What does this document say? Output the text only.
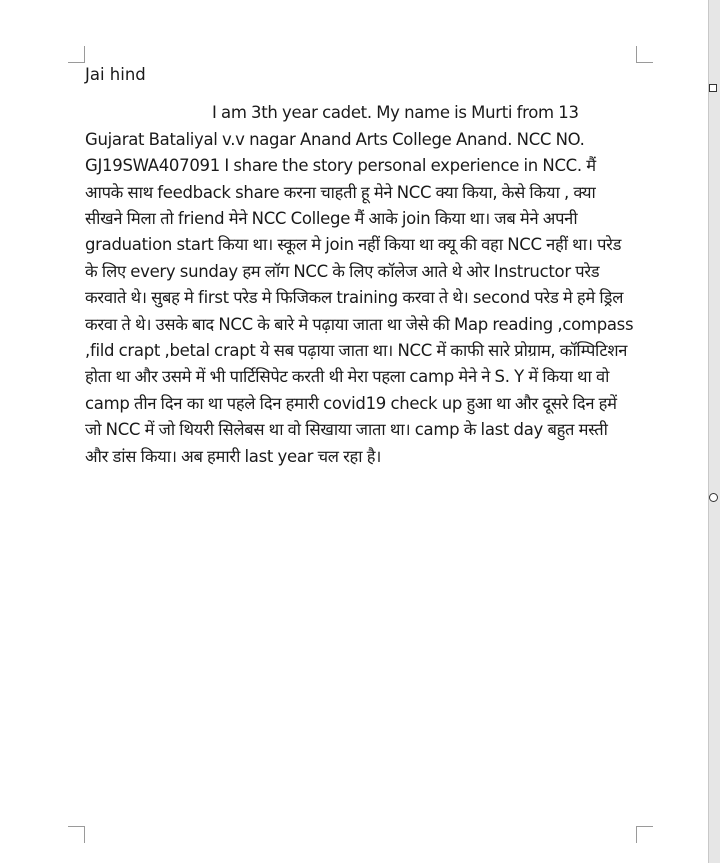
Jai hind

I am 3th year cadet. My name is Murti from 13 Gujarat Bataliyal v.v nagar Anand Arts College Anand. NCC NO. GJ19SWA407091 I share the story personal experience in NCC. मैं आपके साथ feedback share करना चाहती हू मेने NCC क्या किया, केसे किया , क्या सीखने मिला तो friend मेने NCC College मैं आके join किया था। जब मेने अपनी graduation start किया था। स्कूल मे join नहीं किया था क्यू की वहा NCC नहीं था। परेड के लिए every sunday हम लॉग NCC के लिए कॉलेज आते थे ओर Instructor परेड करवाते थे। सुबह मे first परेड मे फिजिकल training करवा ते थे। second परेड मे हमे ड्रिल करवा ते थे। उसके बाद NCC के बारे मे पढ़ाया जाता था जेसे की Map reading ,compass ,fild crapt ,betal crapt ये सब पढ़ाया जाता था। NCC में काफी सारे प्रोग्राम, कॉम्पिटिशन होता था और उसमे में भी पार्टिसिपेट करती थी मेरा पहला camp मेने ने S. Y में किया था वो camp तीन दिन का था पहले दिन हमारी covid19 check up हुआ था और दूसरे दिन हमें जो NCC में जो थियरी सिलेबस था वो सिखाया जाता था। camp के last day बहुत मस्ती और डांस किया। अब हमारी last year चल रहा है।
